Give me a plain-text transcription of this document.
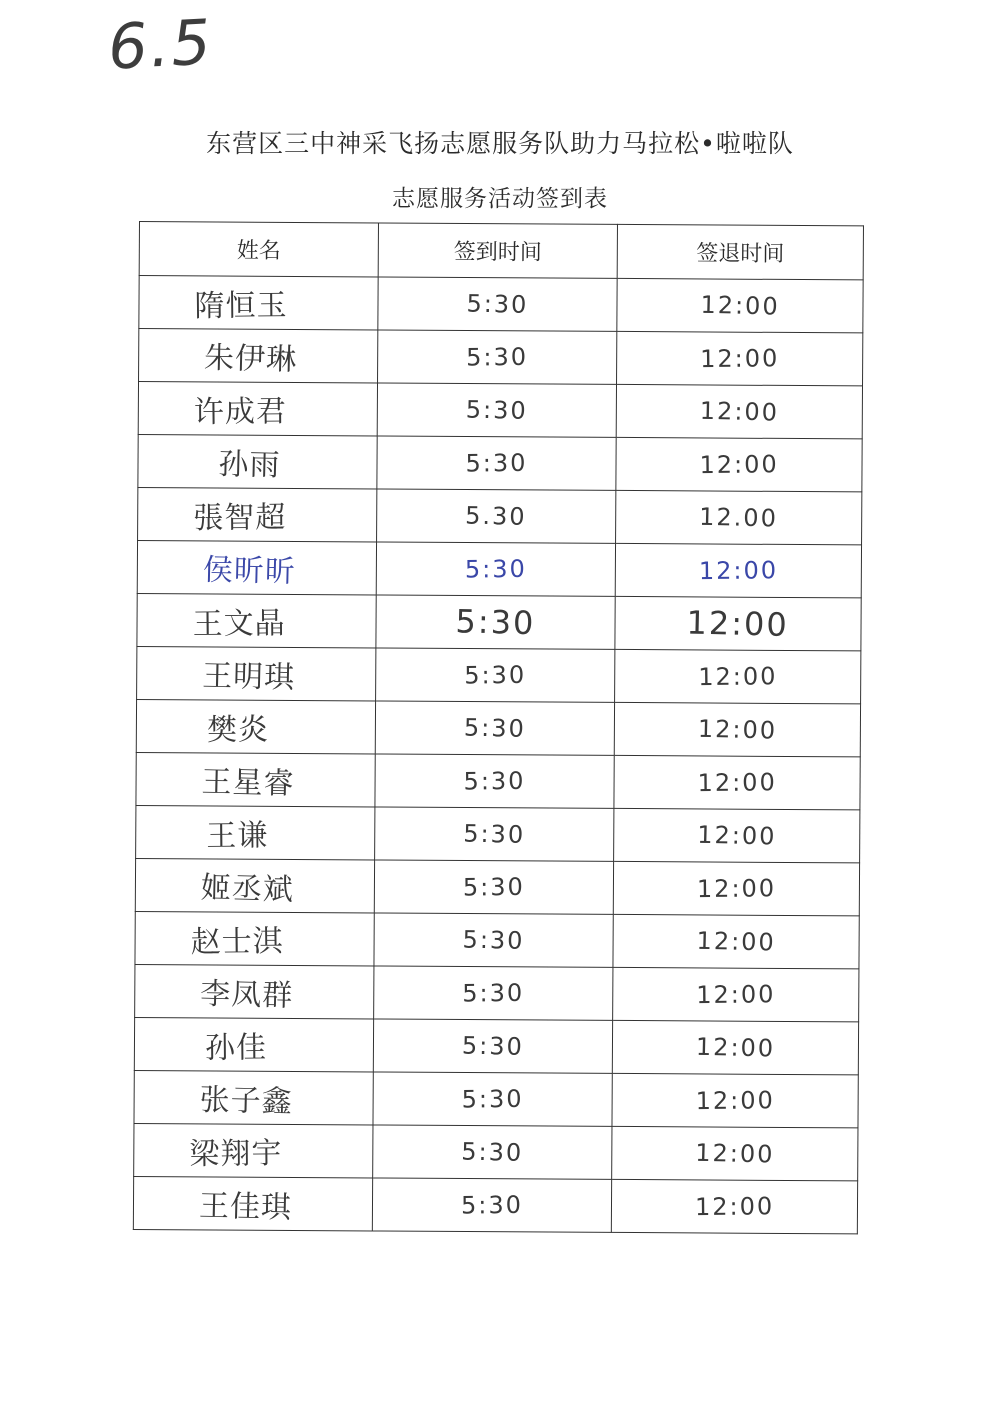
6.5
东营区三中神采飞扬志愿服务队助力马拉松•啦啦队
志愿服务活动签到表
姓名	签到时间	签退时间
隋恒玉	5:30	12:00
朱伊琳	5:30	12:00
许成君	5:30	12:00
孙雨	5:30	12:00
張智超	5.30	12.00
侯昕昕	5:30	12:00
王文晶	5:30	12:00
王明琪	5:30	12:00
樊炎	5:30	12:00
王星睿	5:30	12:00
王谦	5:30	12:00
姬丞斌	5:30	12:00
赵士淇	5:30	12:00
李凤群	5:30	12:00
孙佳	5:30	12:00
张子鑫	5:30	12:00
梁翔宇	5:30	12:00
王佳琪	5:30	12:00
